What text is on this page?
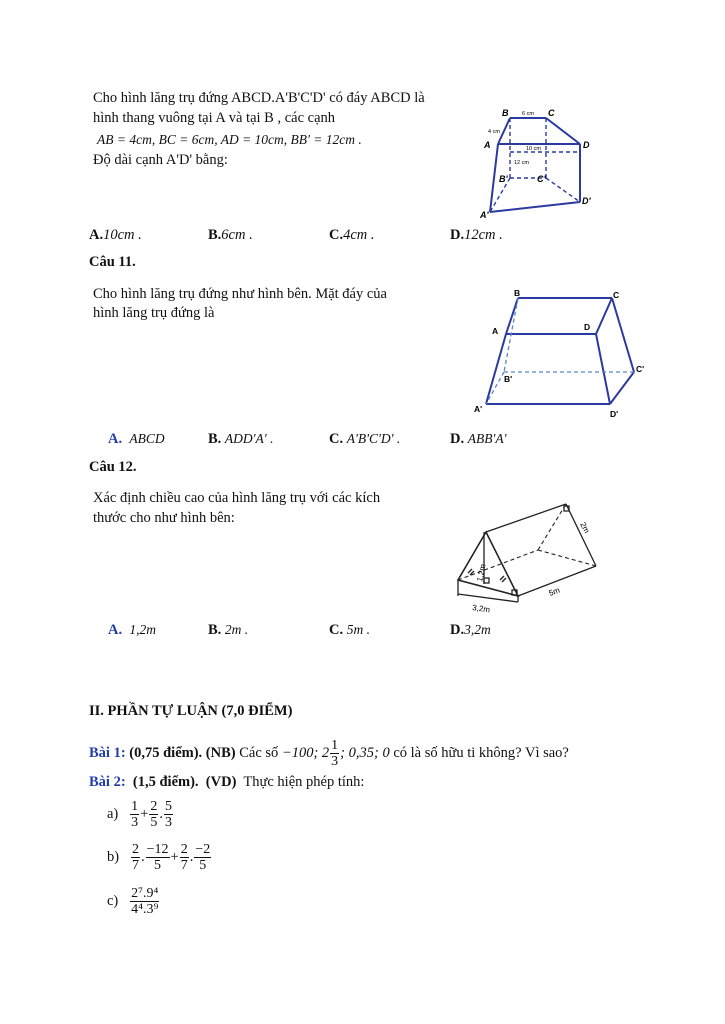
Cho hình lăng trụ đứng ABCD.A'B'C'D' có đáy ABCD là
hình thang vuông tại A và tại B , các cạnh
AB = 4cm, BC = 6cm, AD = 10cm, BB' = 12cm .
Độ dài cạnh A'D' bằng:
B	C
A	D
B'	C'
A'
D'
6 cm
4 cm
10 cm
12 cm
A.10cm .	B.6cm .	C.4cm .	D.12cm .
Câu 11.
Cho hình lăng trụ đứng như hình bên. Mặt đáy của
hình lăng trụ đứng là
B	C
A	D
B'
C'
A'	D'
A. ABCD	B. ADD'A' .	C. A'B'C'D' .	D. ABB'A'
Câu 12.
Xác định chiều cao của hình lăng trụ với các kích
thước cho như hình bên:
1,2m
2m
5m
3,2m
A. 1,2m	B. 2m .	C. 5m .	D.3,2m
II. PHẦN TỰ LUẬN (7,0 ĐIỂM)
Bài 1:
(0,75 điểm).
(NB)
Các số
−100; $2 \frac{1}{3}$ ; 0,35; 0
có là số hữu ti không? Vì sao?
Bài 2: (1,5 điểm). (VD) Thực hiện phép tính:
a)
$\frac{1}{3} + \frac{2}{5}$ . $\frac{5}{3}$
b)
$\frac{2}{7}$ . $\frac{-12}{5} + \frac{2}{7}$ . $\frac{-2}{5}$
c)
$\frac{\text{2⁷.9⁴}}{\text{4⁴.3⁹}}$
